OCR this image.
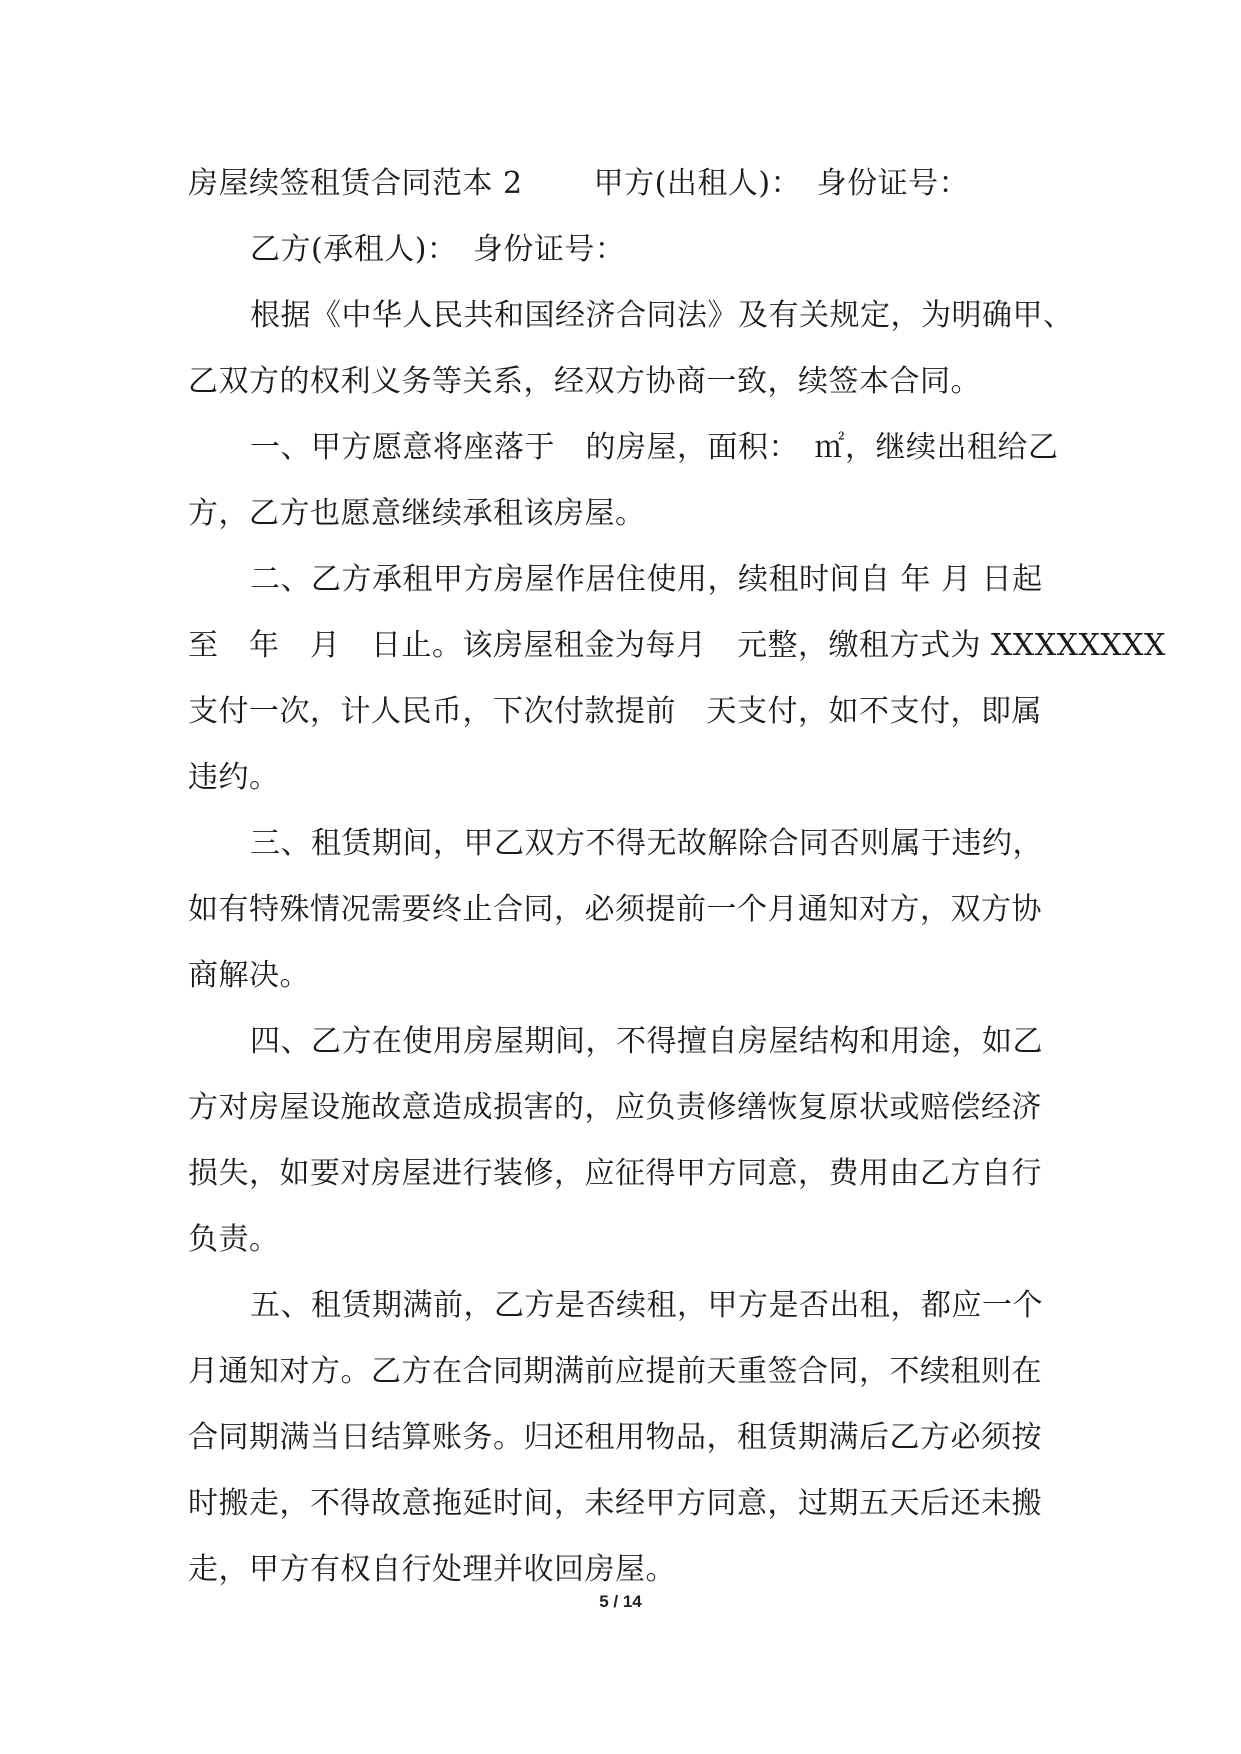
房屋续签租赁合同范本 2　　 甲方(出租人)：　身份证号：
乙方(承租人)：　身份证号：
根据《中华人民共和国经济合同法》及有关规定，为明确甲、
乙双方的权利义务等关系，经双方协商一致，续签本合同。
一、甲方愿意将座落于　的房屋，面积：　㎡，继续出租给乙
方，乙方也愿意继续承租该房屋。
二、乙方承租甲方房屋作居住使用，续租时间自 年 月 日起
至　年　月　日止。该房屋租金为每月　元整，缴租方式为 XXXXXXXX
支付一次，计人民币，下次付款提前　天支付，如不支付，即属
违约。
三、租赁期间，甲乙双方不得无故解除合同否则属于违约，
如有特殊情况需要终止合同，必须提前一个月通知对方，双方协
商解决。
四、乙方在使用房屋期间，不得擅自房屋结构和用途，如乙
方对房屋设施故意造成损害的，应负责修缮恢复原状或赔偿经济
损失，如要对房屋进行装修，应征得甲方同意，费用由乙方自行
负责。
五、租赁期满前，乙方是否续租，甲方是否出租，都应一个
月通知对方。乙方在合同期满前应提前天重签合同，不续租则在
合同期满当日结算账务。归还租用物品，租赁期满后乙方必须按
时搬走，不得故意拖延时间，未经甲方同意，过期五天后还未搬
走，甲方有权自行处理并收回房屋。
5 / 14
